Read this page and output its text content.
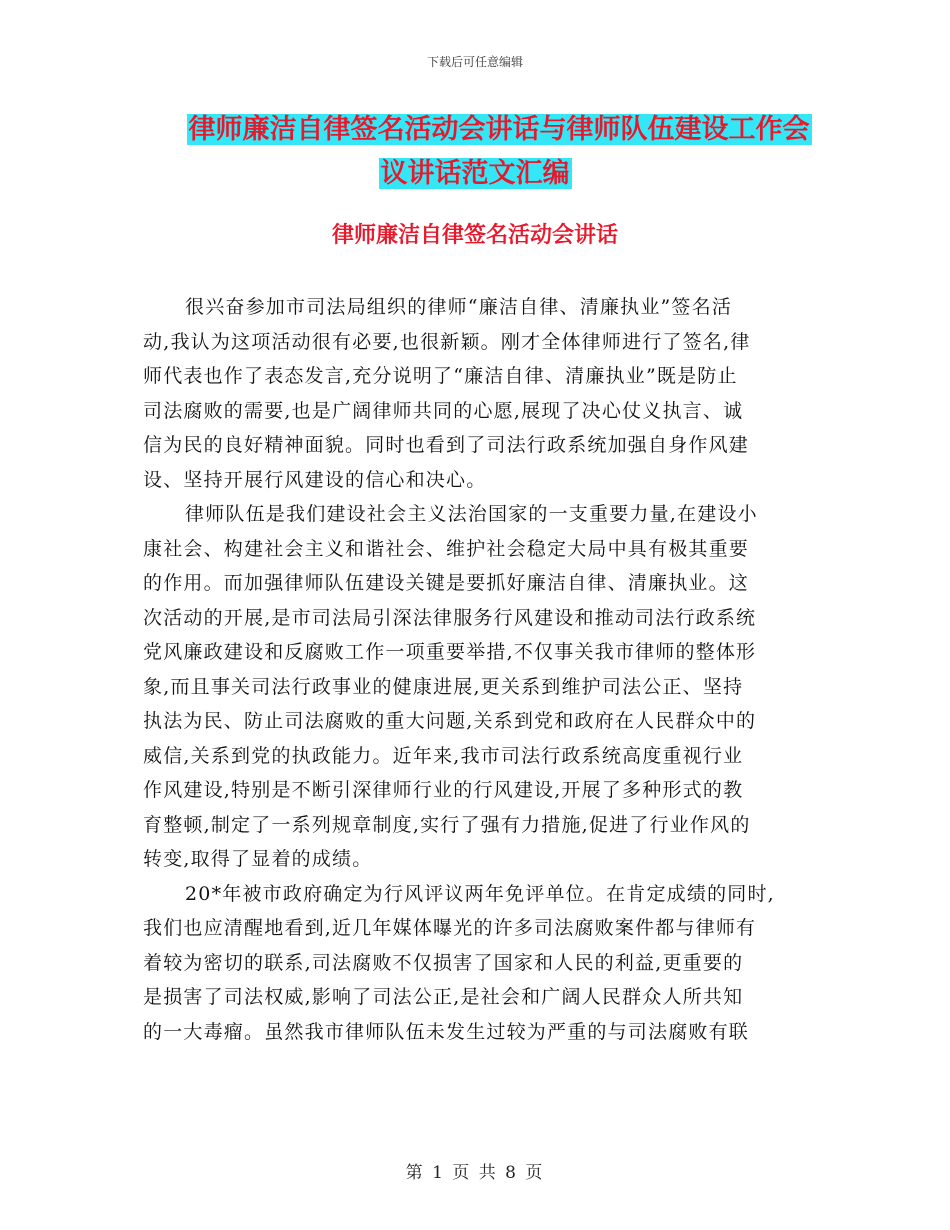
下载后可任意编辑
律师廉洁自律签名活动会讲话与律师队伍建设工作会
议讲话范文汇编
律师廉洁自律签名活动会讲话
很兴奋参加市司法局组织的律师“廉洁自律、清廉执业”签名活
动,我认为这项活动很有必要,也很新颖。刚才全体律师进行了签名,律
师代表也作了表态发言,充分说明了“廉洁自律、清廉执业”既是防止
司法腐败的需要,也是广阔律师共同的心愿,展现了决心仗义执言、诚
信为民的良好精神面貌。同时也看到了司法行政系统加强自身作风建
设、坚持开展行风建设的信心和决心。
律师队伍是我们建设社会主义法治国家的一支重要力量,在建设小
康社会、构建社会主义和谐社会、维护社会稳定大局中具有极其重要
的作用。而加强律师队伍建设关键是要抓好廉洁自律、清廉执业。这
次活动的开展,是市司法局引深法律服务行风建设和推动司法行政系统
党风廉政建设和反腐败工作一项重要举措,不仅事关我市律师的整体形
象,而且事关司法行政事业的健康进展,更关系到维护司法公正、坚持
执法为民、防止司法腐败的重大问题,关系到党和政府在人民群众中的
威信,关系到党的执政能力。近年来,我市司法行政系统高度重视行业
作风建设,特别是不断引深律师行业的行风建设,开展了多种形式的教
育整顿,制定了一系列规章制度,实行了强有力措施,促进了行业作风的
转变,取得了显着的成绩。
20*年被市政府确定为行风评议两年免评单位。在肯定成绩的同时,
我们也应清醒地看到,近几年媒体曝光的许多司法腐败案件都与律师有
着较为密切的联系,司法腐败不仅损害了国家和人民的利益,更重要的
是损害了司法权威,影响了司法公正,是社会和广阔人民群众人所共知
的一大毒瘤。虽然我市律师队伍未发生过较为严重的与司法腐败有联
第 1 页 共 8 页
